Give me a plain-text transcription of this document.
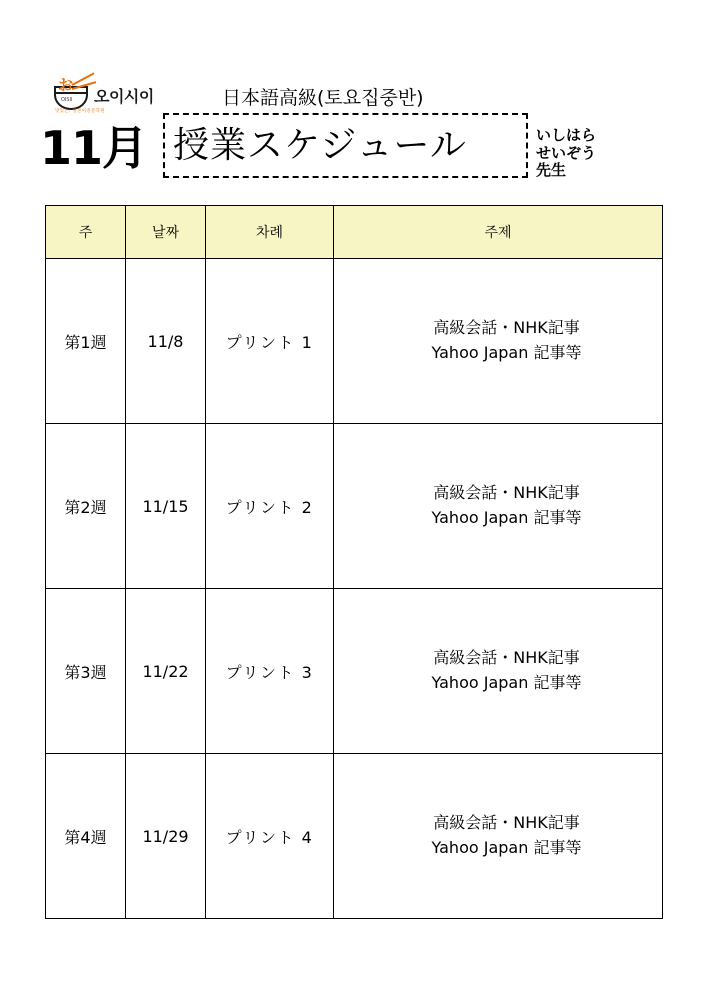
お
OISII 오이시이
맛있는, 일본어전문학원
日本語高級(토요집중반)
11月 授業スケジュール	いしはら
せいぞう
先生
주	날짜	차례	주제
第1週	11/8	プリント 1	高級会話・NHK記事
Yahoo Japan 記事等

第2週	11/15	プリント 2	高級会話・NHK記事
Yahoo Japan 記事等

第3週	11/22	プリント 3	高級会話・NHK記事
Yahoo Japan 記事等

第4週	11/29	プリント 4	高級会話・NHK記事
Yahoo Japan 記事等
